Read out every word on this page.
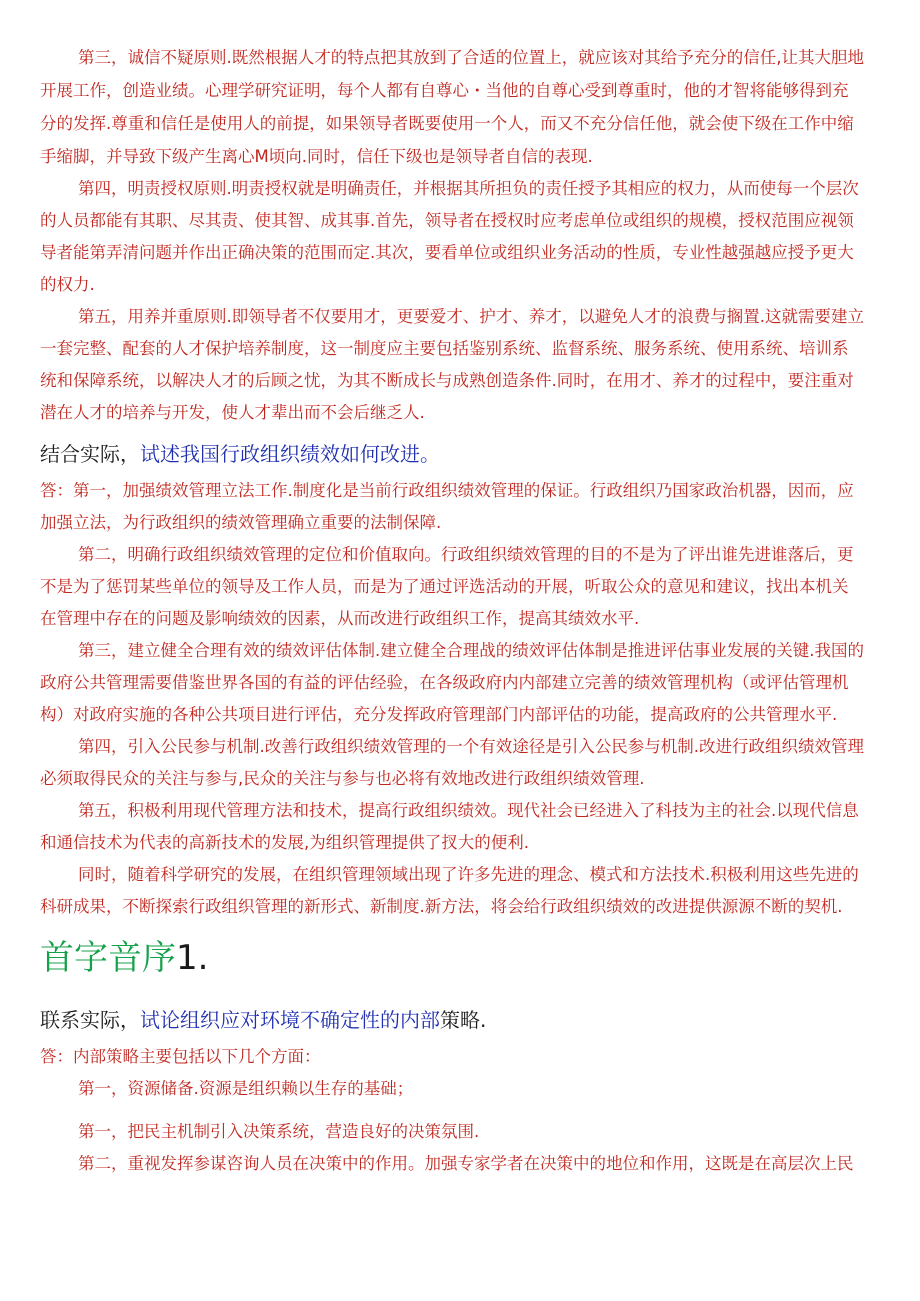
第三，诚信不疑原则.既然根据人才的特点把其放到了合适的位置上，就应该对其给予充分的信任,让其大胆地
开展工作，创造业绩。心理学研究证明，每个人都有自尊心・当他的自尊心受到尊重时，他的才智将能够得到充
分的发挥.尊重和信任是使用人的前提，如果领导者既要使用一个人，而又不充分信任他，就会使下级在工作中缩
手缩脚，并导致下级产生离心M顷向.同时，信任下级也是领导者自信的表现.
第四，明责授权原则.明责授权就是明确责任，并根据其所担负的责任授予其相应的权力，从而使每一个层次
的人员都能有其职、尽其责、使其智、成其事.首先，领导者在授权时应考虑单位或组织的规模，授权范围应视领
导者能第弄清问题并作出正确决策的范围而定.其次，要看单位或组织业务活动的性质，专业性越强越应授予更大
的权力.
第五，用养并重原则.即领导者不仅要用才，更要爱才、护才、养才，以避免人才的浪费与搁置.这就需要建立
一套完整、配套的人才保护培养制度，这一制度应主要包括鉴别系统、监督系统、服务系统、使用系统、培训系
统和保障系统，以解决人才的后顾之忧，为其不断成长与成熟创造条件.同时，在用才、养才的过程中，要注重对
潜在人才的培养与开发，使人才辈出而不会后继乏人.
结合实际，试述我国行政组织绩效如何改进。
答：第一，加强绩效管理立法工作.制度化是当前行政组织绩效管理的保证。行政组织乃国家政治机器，因而，应
加强立法，为行政组织的绩效管理确立重要的法制保障.
第二，明确行政组织绩效管理的定位和价值取向。行政组织绩效管理的目的不是为了评出谁先进谁落后，更
不是为了惩罚某些单位的领导及工作人员，而是为了通过评选活动的开展，听取公众的意见和建议，找出本机关
在管理中存在的问题及影响绩效的因素，从而改进行政组织工作，提高其绩效水平.
第三，建立健全合理有效的绩效评估体制.建立健全合理战的绩效评估体制是推进评估事业发展的关键.我国的
政府公共管理需要借鉴世界各国的有益的评估经验，在各级政府内内部建立完善的绩效管理机构（或评估管理机
构）对政府实施的各种公共项目进行评估，充分发挥政府管理部门内部评估的功能，提高政府的公共管理水平.
第四，引入公民参与机制.改善行政组织绩效管理的一个有效途径是引入公民参与机制.改进行政组织绩效管理
必须取得民众的关注与参与,民众的关注与参与也必将有效地改进行政组织绩效管理.
第五，积极利用现代管理方法和技术，提高行政组织绩效。现代社会已经进入了科技为主的社会.以现代信息
和通信技术为代表的高新技术的发展,为组织管理提供了扠大的便利.
同时，随着科学研究的发展，在组织管理领域出现了许多先进的理念、模式和方法技术.积极利用这些先进的
科研成果，不断探索行政组织管理的新形式、新制度.新方法，将会给行政组织绩效的改进提供源源不断的契机.
首字音序1.
联系实际，试论组织应对环境不确定性的内部策略.
答：内部策略主要包括以下几个方面：
第一，资源储备.资源是组织赖以生存的基础；
第一，把民主机制引入决策系统，营造良好的决策氛围.
第二，重视发挥参谋咨询人员在决策中的作用。加强专家学者在决策中的地位和作用，这既是在高层次上民
